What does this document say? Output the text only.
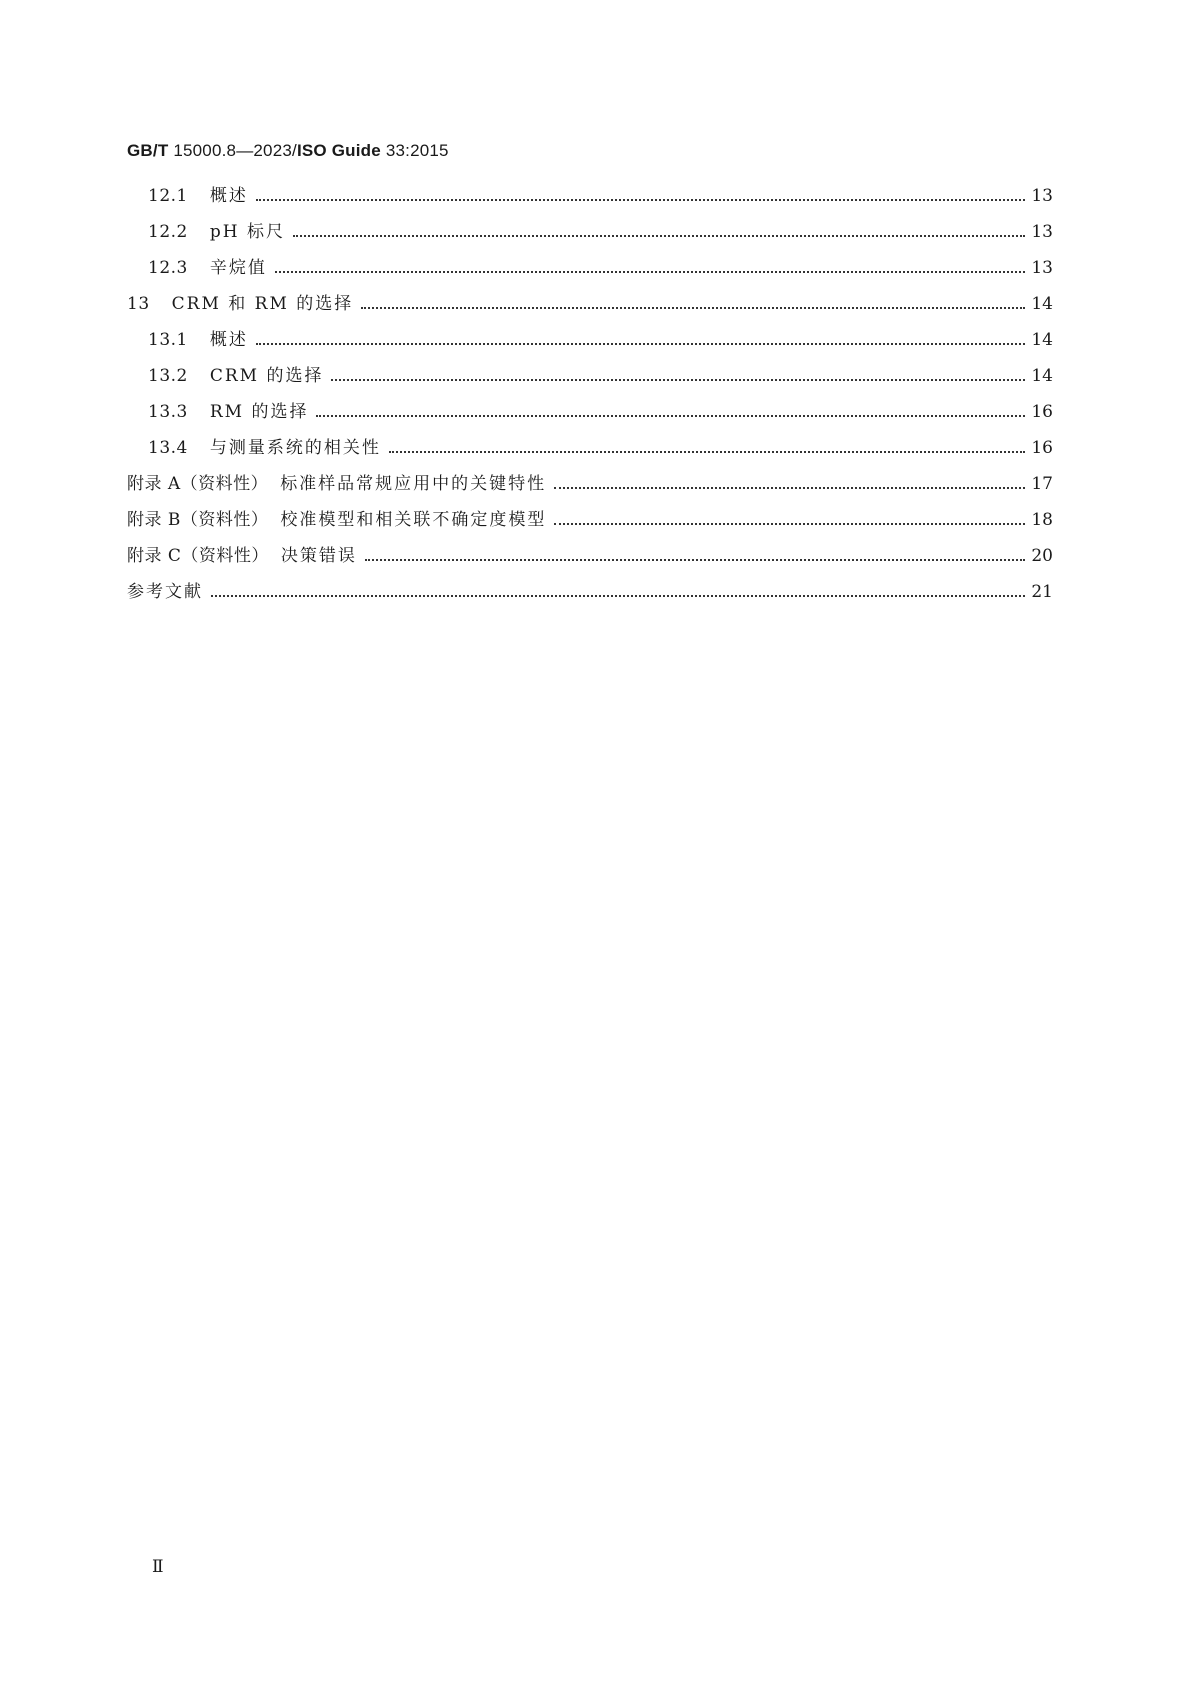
GB/T 15000.8—2023/ISO Guide 33:2015
12.1 概述	13
12.2 pH 标尺	13
12.3 辛烷值	13
13 CRM 和 RM 的选择	14
13.1 概述	14
13.2 CRM 的选择	14
13.3 RM 的选择	16
13.4 与测量系统的相关性	16
附录 A（资料性） 标准样品常规应用中的关键特性	17
附录 B（资料性） 校准模型和相关联不确定度模型	18
附录 C（资料性） 决策错误	20
参考文献	21
Ⅱ
